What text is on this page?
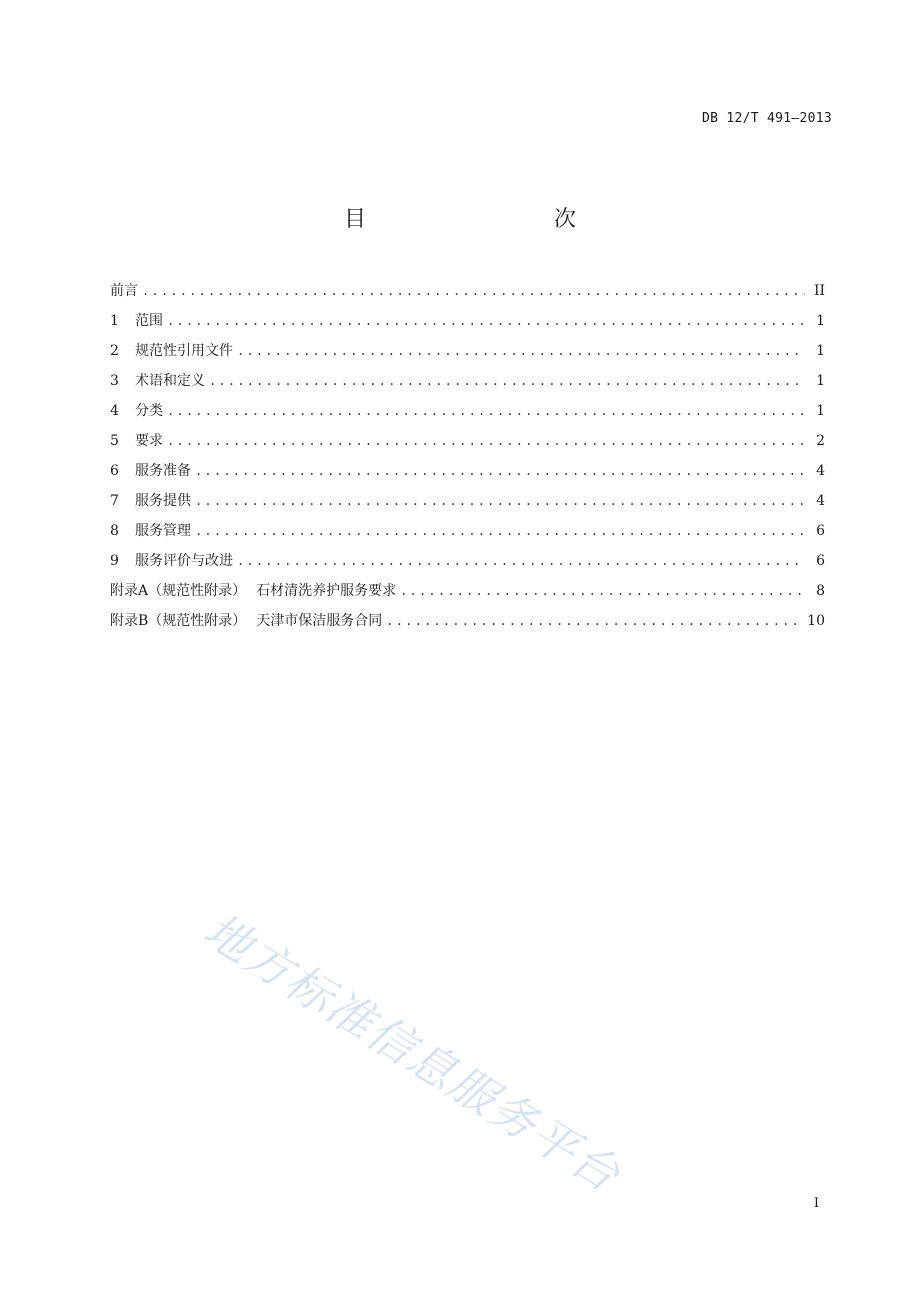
DB 12/T 491—2013
目　　次
前言 .....	II
1	范围 .....	1
2	规范性引用文件 .....	1
3	术语和定义 .....	1
4	分类 .....	1
5	要求 .....	2
6	服务准备 .....	4
7	服务提供 .....	4
8	服务管理 .....	6
9	服务评价与改进 .....	6
附录A（规范性附录） 石材清洗养护服务要求 .....	8
附录B（规范性附录） 天津市保洁服务合同 .....	10
地方标准信息服务平台
I
